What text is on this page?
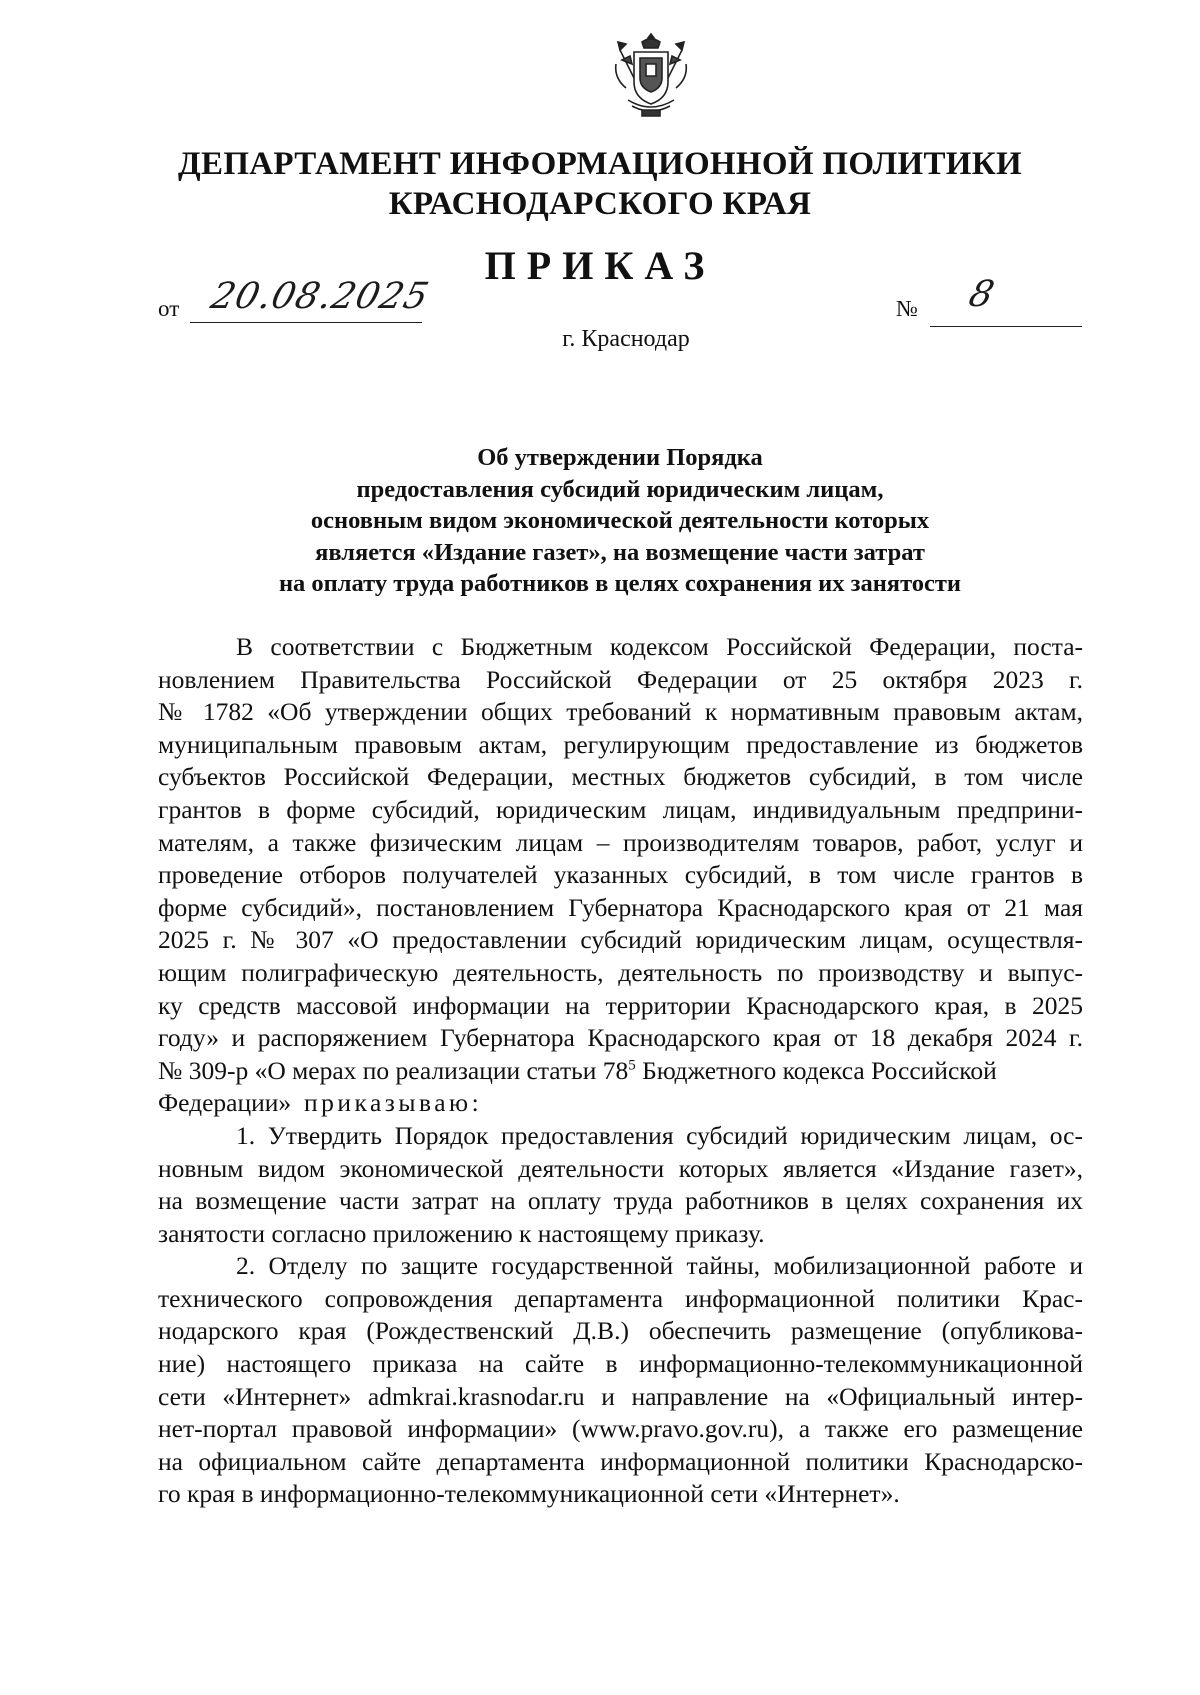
ДЕПАРТАМЕНТ ИНФОРМАЦИОННОЙ ПОЛИТИКИ
КРАСНОДАРСКОГО КРАЯ
ПРИКАЗ
от 20.08.2025	№ 8
г. Краснодар
Об утверждении Порядка
предоставления субсидий юридическим лицам,
основным видом экономической деятельности которых
является «Издание газет», на возмещение части затрат
на оплату труда работников в целях сохранения их занятости
В соответствии с Бюджетным кодексом Российской Федерации, поста-
новлением Правительства Российской Федерации от 25 октября 2023 г.
№ 1782 «Об утверждении общих требований к нормативным правовым актам,
муниципальным правовым актам, регулирующим предоставление из бюджетов
субъектов Российской Федерации, местных бюджетов субсидий, в том числе
грантов в форме субсидий, юридическим лицам, индивидуальным предприни-
мателям, а также физическим лицам – производителям товаров, работ, услуг и
проведение отборов получателей указанных субсидий, в том числе грантов в
форме субсидий», постановлением Губернатора Краснодарского края от 21 мая
2025 г. № 307 «О предоставлении субсидий юридическим лицам, осуществля-
ющим полиграфическую деятельность, деятельность по производству и выпус-
ку средств массовой информации на территории Краснодарского края, в 2025
году» и распоряжением Губернатора Краснодарского края от 18 декабря 2024 г.
№ 309-р «О мерах по реализации статьи 78 $^5$ Бюджетного кодекса Российской
Федерации» приказываю:
1. Утвердить Порядок предоставления субсидий юридическим лицам, ос-
новным видом экономической деятельности которых является «Издание газет»,
на возмещение части затрат на оплату труда работников в целях сохранения их
занятости согласно приложению к настоящему приказу.
2. Отделу по защите государственной тайны, мобилизационной работе и
технического сопровождения департамента информационной политики Крас-
нодарского края (Рождественский Д.В.) обеспечить размещение (опубликова-
ние) настоящего приказа на сайте в информационно-телекоммуникационной
сети «Интернет» admkrai.krasnodar.ru и направление на «Официальный интер-
нет-портал правовой информации» (www.pravo.gov.ru), а также его размещение
на официальном сайте департамента информационной политики Краснодарско-
го края в информационно-телекоммуникационной сети «Интернет».
